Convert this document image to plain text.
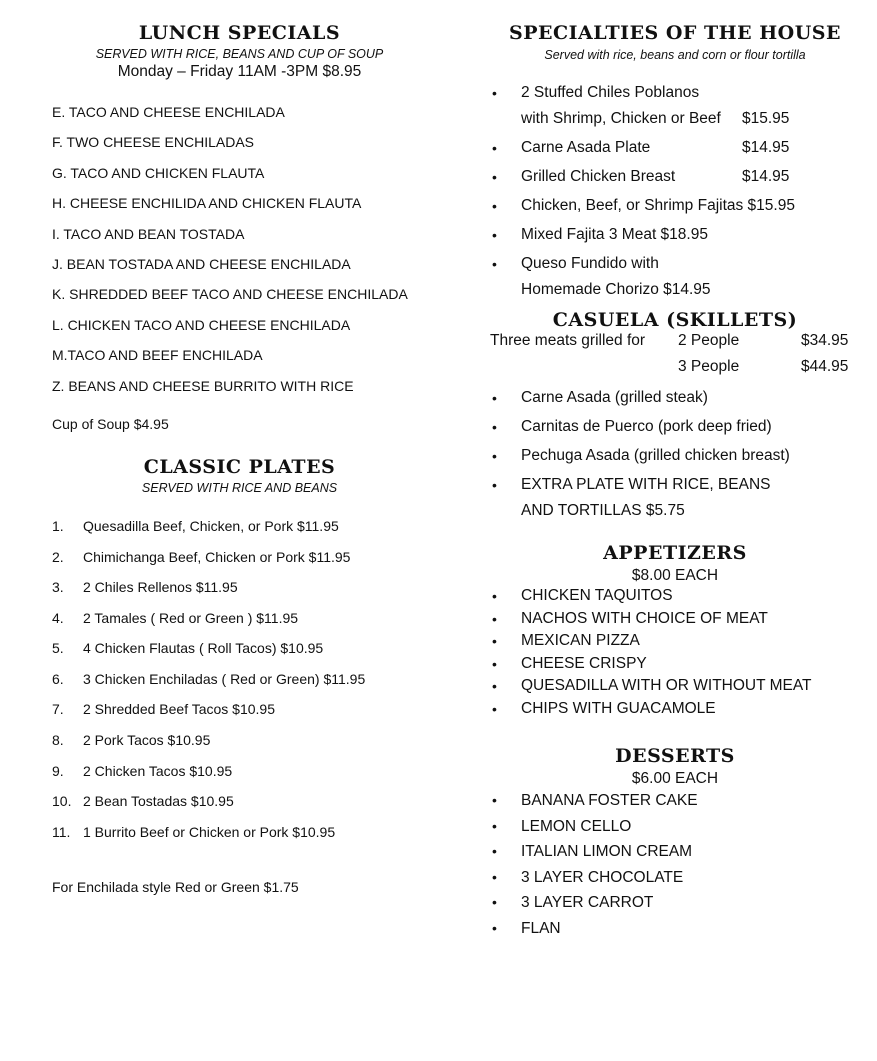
LUNCH SPECIALS
SERVED WITH RICE, BEANS AND CUP OF SOUP
Monday – Friday 11AM -3PM $8.95
E. TACO AND CHEESE ENCHILADA
F. TWO CHEESE ENCHILADAS
G. TACO AND CHICKEN FLAUTA
H. CHEESE ENCHILIDA AND CHICKEN FLAUTA
I. TACO AND BEAN TOSTADA
J. BEAN TOSTADA AND CHEESE ENCHILADA
K. SHREDDED BEEF TACO AND CHEESE ENCHILADA
L. CHICKEN TACO AND CHEESE ENCHILADA
M.TACO AND BEEF ENCHILADA
Z. BEANS AND CHEESE BURRITO WITH RICE
Cup of Soup $4.95
CLASSIC PLATES
SERVED WITH RICE AND BEANS
1. Quesadilla Beef, Chicken, or Pork $11.95
2. Chimichanga Beef, Chicken or Pork $11.95
3. 2 Chiles Rellenos $11.95
4. 2 Tamales ( Red or Green ) $11.95
5. 4 Chicken Flautas ( Roll Tacos) $10.95
6. 3 Chicken Enchiladas ( Red or Green) $11.95
7. 2 Shredded Beef Tacos $10.95
8. 2 Pork Tacos $10.95
9. 2 Chicken Tacos $10.95
10. 2 Bean Tostadas $10.95
11. 1 Burrito Beef or Chicken or Pork $10.95
For Enchilada style Red or Green $1.75
SPECIALTIES OF THE HOUSE
Served with rice, beans and corn or flour tortilla
• 2 Stuffed Chiles Poblanos
with Shrimp, Chicken or Beef $15.95
• Carne Asada Plate	$14.95
• Grilled Chicken Breast	$14.95
• Chicken, Beef, or Shrimp Fajitas $15.95
• Mixed Fajita 3 Meat $18.95
• Queso Fundido with
Homemade Chorizo $14.95
CASUELA (SKILLETS)
Three meats grilled for 2 People	$34.95
3 People	$44.95
• Carne Asada (grilled steak)
• Carnitas de Puerco (pork deep fried)
• Pechuga Asada (grilled chicken breast)
• EXTRA PLATE WITH RICE, BEANS
AND TORTILLAS $5.75
APPETIZERS
$8.00 EACH
• CHICKEN TAQUITOS
• NACHOS WITH CHOICE OF MEAT
• MEXICAN PIZZA
• CHEESE CRISPY
• QUESADILLA WITH OR WITHOUT MEAT
• CHIPS WITH GUACAMOLE
DESSERTS
$6.00 EACH
• BANANA FOSTER CAKE
• LEMON CELLO
• ITALIAN LIMON CREAM
• 3 LAYER CHOCOLATE
• 3 LAYER CARROT
• FLAN
